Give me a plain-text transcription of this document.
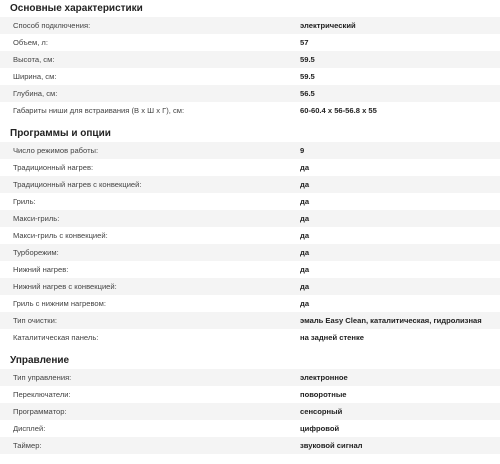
Основные характеристики
Способ подключения:	электрический
Объем, л:	57
Высота, см:	59.5
Ширина, см:	59.5
Глубина, см:	56.5
Габариты ниши для встраивания (В х Ш х Г), см:	60-60.4 x 56-56.8 x 55
Программы и опции
Число режимов работы:	9
Традиционный нагрев:	да
Традиционный нагрев с конвекцией:	да
Гриль:	да
Макси-гриль:	да
Макси-гриль с конвекцией:	да
Турборежим:	да
Нижний нагрев:	да
Нижний нагрев с конвекцией:	да
Гриль с нижним нагревом:	да
Тип очистки:	эмаль Easy Clean, каталитическая, гидролизная
Каталитическая панель:	на задней стенке
Управление
Тип управления:	электронное
Переключатели:	поворотные
Программатор:	сенсорный
Дисплей:	цифровой
Таймер:	звуковой сигнал
